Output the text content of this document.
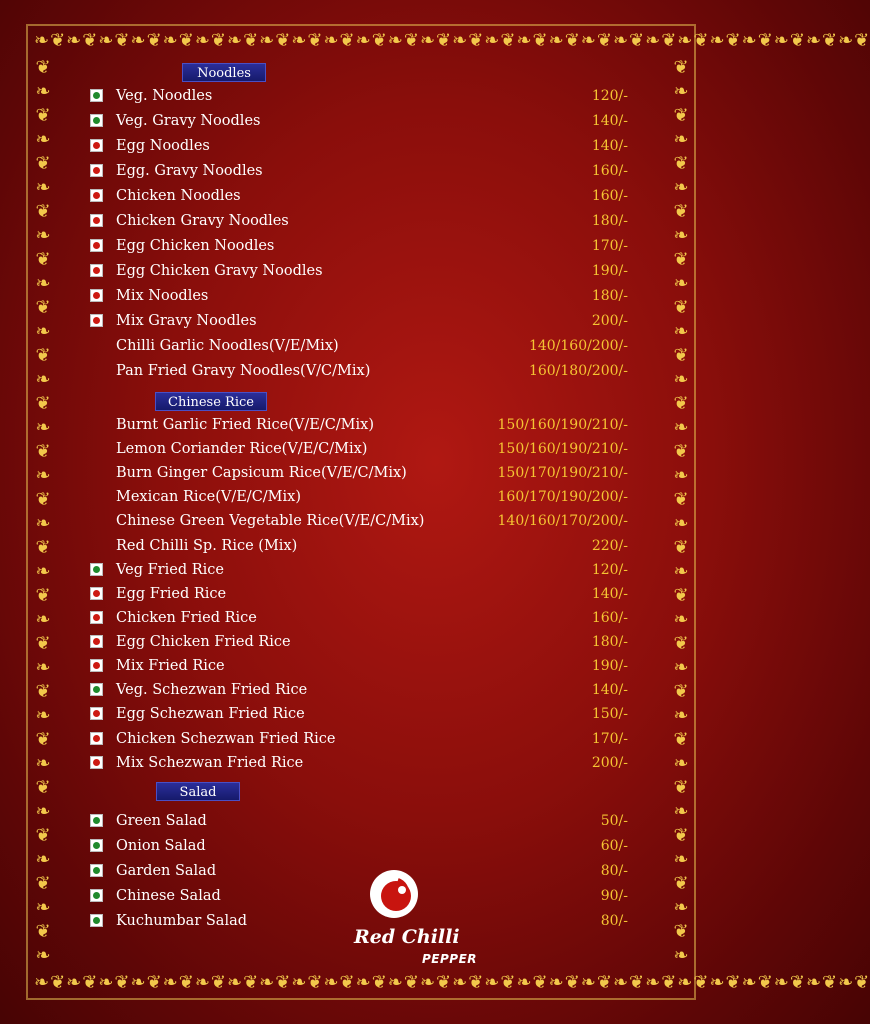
❧❦❧❦❧❦❧❦❧❦❧❦❧❦❧❦❧❦❧❦❧❦❧❦❧❦❧❦❧❦❧❦❧❦❧❦❧❦❧❦❧❦❧❦❧❦❧❦❧❦❧❦
❧❦❧❦❧❦❧❦❧❦❧❦❧❦❧❦❧❦❧❦❧❦❧❦❧❦❧❦❧❦❧❦❧❦❧❦❧❦❧❦❧❦❧❦❧❦❧❦❧❦❧❦
❦
❧
❦
❧
❦
❧
❦
❧
❦
❧
❦
❧
❦
❧
❦
❧
❦
❧
❦
❧
❦
❧
❦
❧
❦
❧
❦
❧
❦
❧
❦
❧
❦
❧
❦
❧
❦
❧
❦
❧
❦
❧
❦
❧
❦
❧
❦
❧
❦
❧
❦
❧
❦
❧
❦
❧
❦
❧
❦
❧
❦
❧
❦
❧
❦
❧
❦
❧
❦
❧
❦
❧
❦
❧
❦
❧
Noodles
Veg. Noodles	120/-
Veg. Gravy Noodles	140/-
Egg Noodles	140/-
Egg. Gravy Noodles	160/-
Chicken Noodles	160/-
Chicken Gravy Noodles	180/-
Egg Chicken Noodles	170/-
Egg Chicken Gravy Noodles	190/-
Mix Noodles	180/-
Mix Gravy Noodles	200/-
Chilli Garlic Noodles(V/E/Mix)	140/160/200/-
Pan Fried Gravy Noodles(V/C/Mix)	160/180/200/-
Chinese Rice
Burnt Garlic Fried Rice(V/E/C/Mix)	150/160/190/210/-
Lemon Coriander Rice(V/E/C/Mix)	150/160/190/210/-
Burn Ginger Capsicum Rice(V/E/C/Mix)	150/170/190/210/-
Mexican Rice(V/E/C/Mix)	160/170/190/200/-
Chinese Green Vegetable Rice(V/E/C/Mix)	140/160/170/200/-
Red Chilli Sp. Rice (Mix)	220/-
Veg Fried Rice	120/-
Egg Fried Rice	140/-
Chicken Fried Rice	160/-
Egg Chicken Fried Rice	180/-
Mix Fried Rice	190/-
Veg. Schezwan Fried Rice	140/-
Egg Schezwan Fried Rice	150/-
Chicken Schezwan Fried Rice	170/-
Mix Schezwan Fried Rice	200/-
Salad
Green Salad	50/-
Onion Salad	60/-
Garden Salad	80/-
Chinese Salad	90/-
Kuchumbar Salad	80/-
Red Chilli
PEPPER
